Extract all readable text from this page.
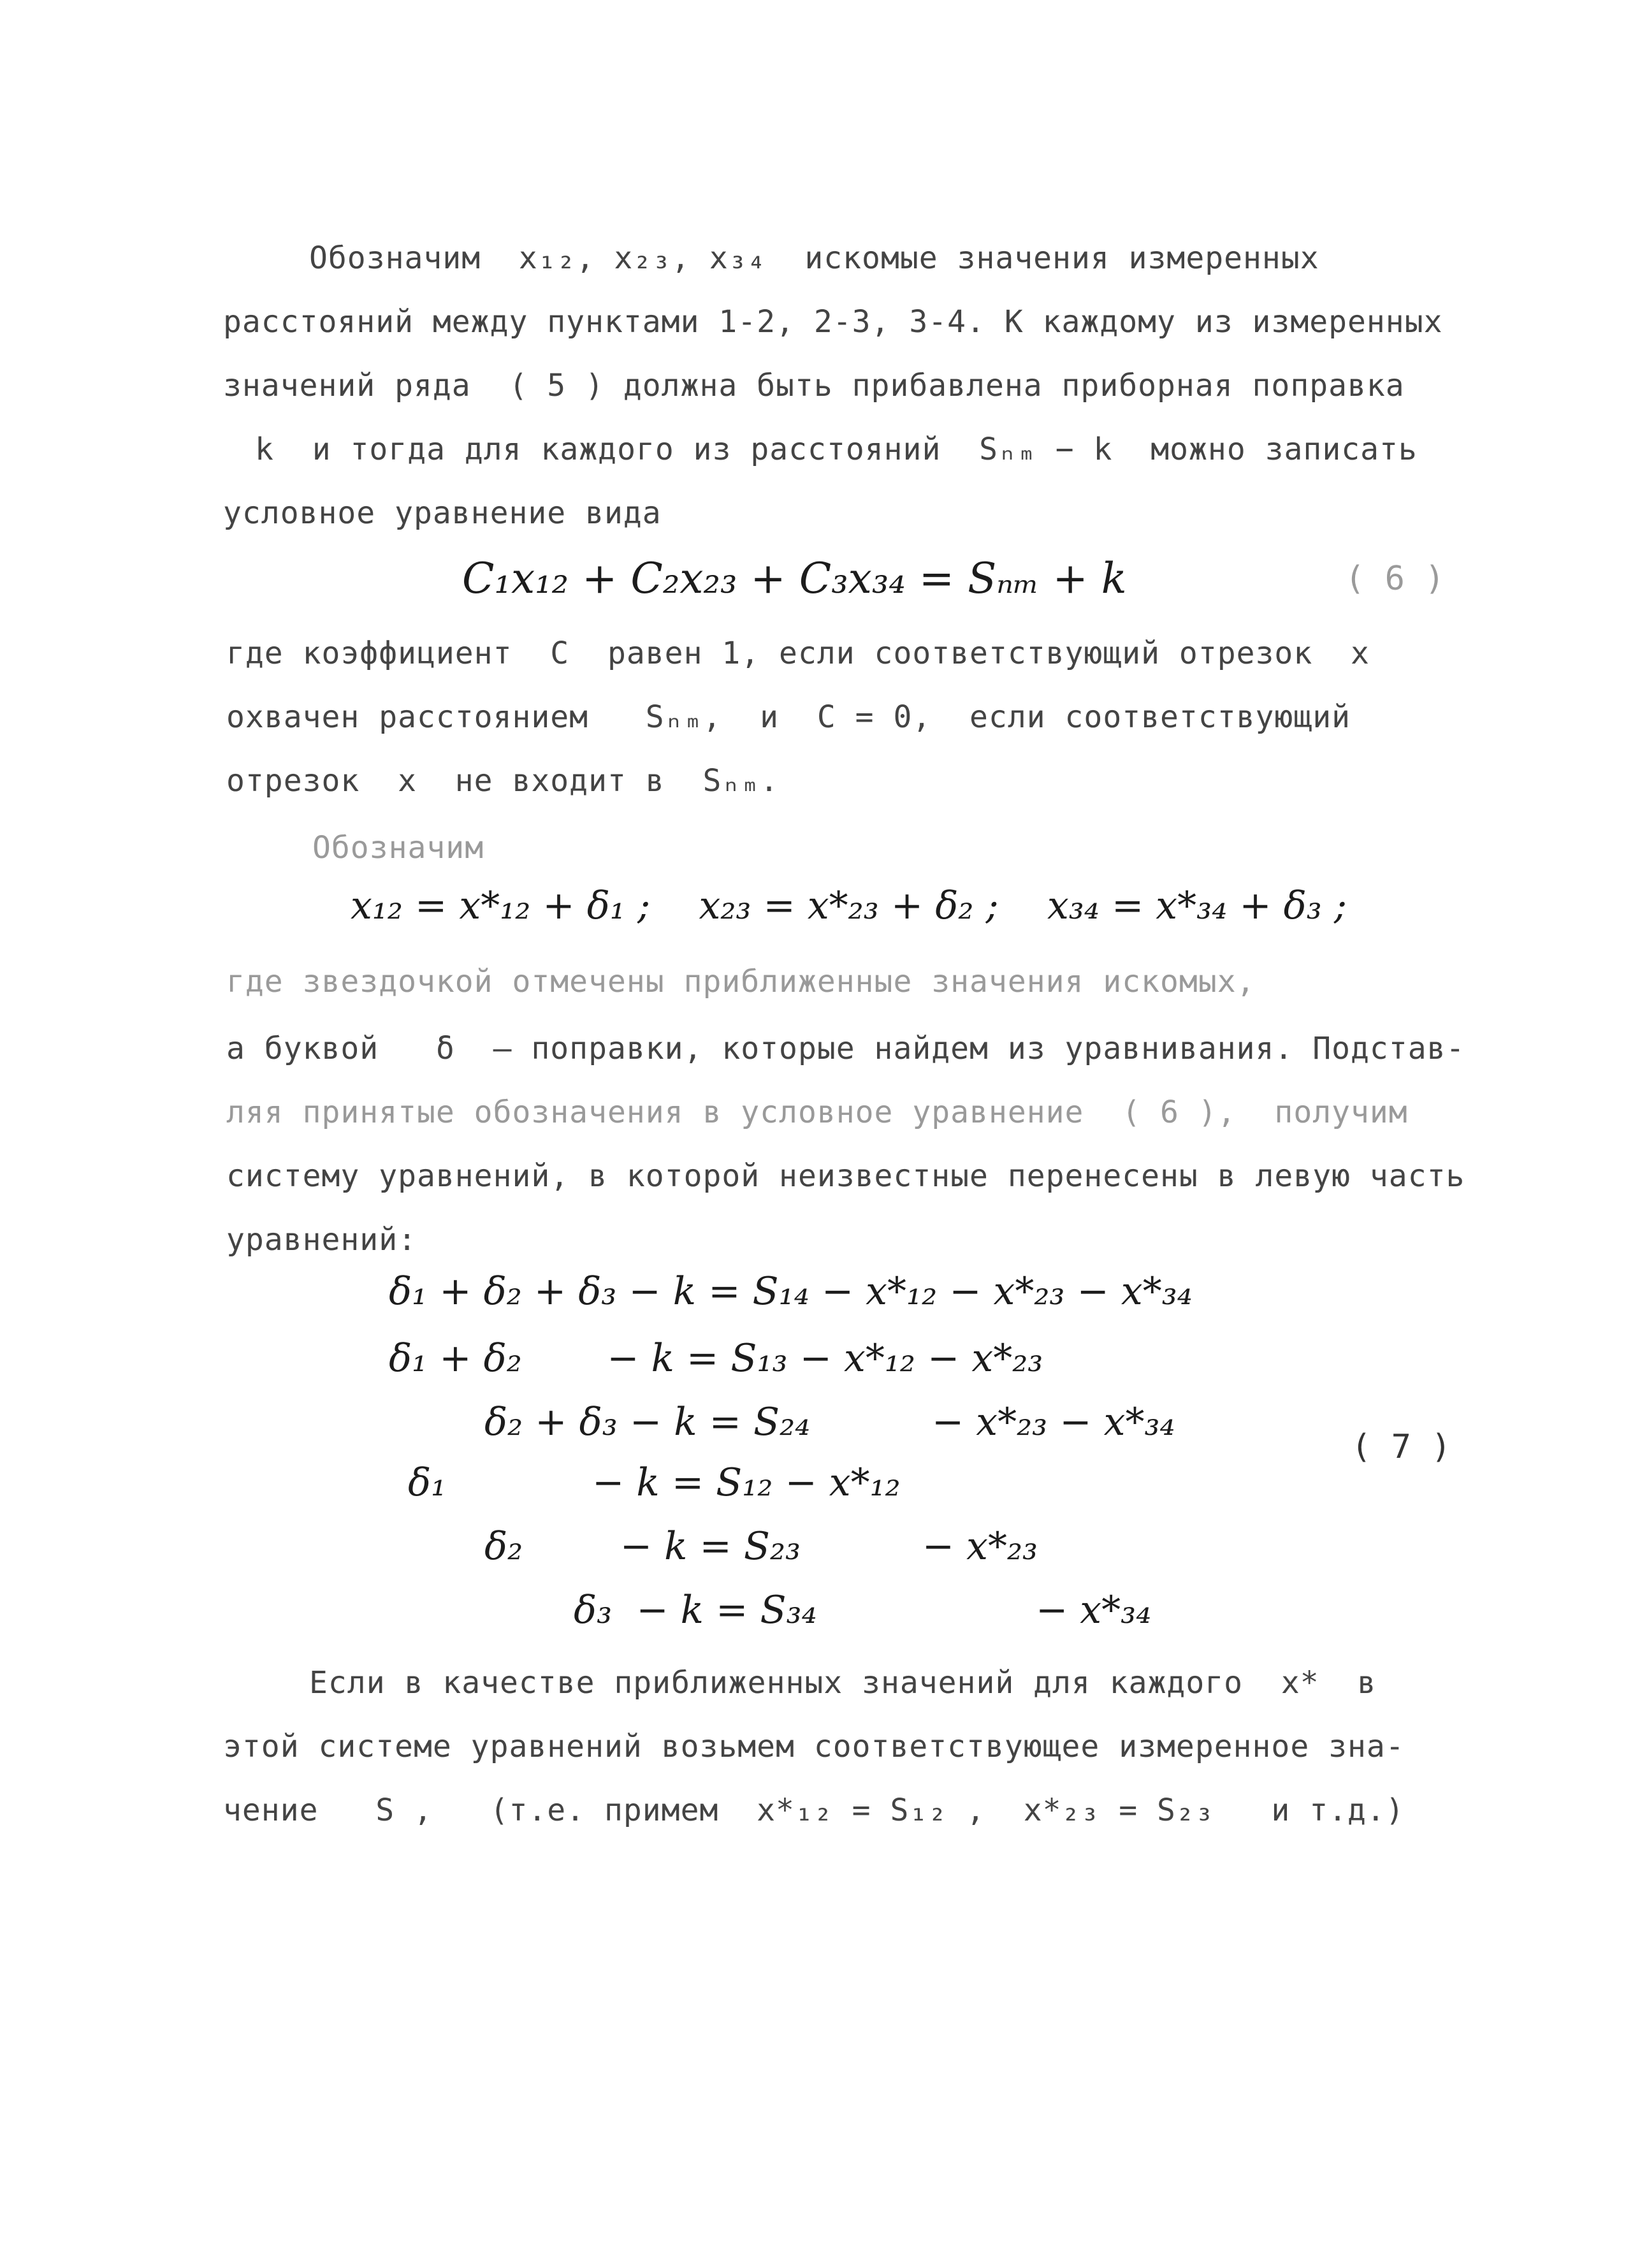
Обозначим  x₁₂, x₂₃, x₃₄  искомые значения измеренных
расстояний между пунктами 1-2, 2-3, 3-4. К каждому из измеренных
значений ряда  ( 5 ) должна быть прибавлена приборная поправка
k  и тогда для каждого из расстояний  Sₙₘ − k  можно записать
условное уравнение вида
C₁x₁₂ + C₂x₂₃ + C₃x₃₄ = Sₙₘ + k	( 6 )
где коэффициент  C  равен 1, если соответствующий отрезок  x
охвачен расстоянием   Sₙₘ,  и  C = 0,  если соответствующий
отрезок  x  не входит в  Sₙₘ.
Обозначим
x₁₂ = x*₁₂ + δ₁ ;    x₂₃ = x*₂₃ + δ₂ ;    x₃₄ = x*₃₄ + δ₃ ;
где звездочкой отмечены приближенные значения искомых,
а буквой   δ  – поправки, которые найдем из уравнивания. Подстав-
ляя принятые обозначения в условное уравнение  ( 6 ),  получим
систему уравнений, в которой неизвестные перенесены в левую часть
уравнений:
δ₁ + δ₂ + δ₃ − k = S₁₄ − x*₁₂ − x*₂₃ − x*₃₄
δ₁ + δ₂       − k = S₁₃ − x*₁₂ − x*₂₃
δ₂ + δ₃ − k = S₂₄          − x*₂₃ − x*₃₄
δ₁            − k = S₁₂ − x*₁₂
δ₂        − k = S₂₃          − x*₂₃
δ₃  − k = S₃₄                  − x*₃₄
( 7 )
Если в качестве приближенных значений для каждого  x*  в
этой системе уравнений возьмем соответствующее измеренное зна-
чение   S ,   (т.е. примем  x*₁₂ = S₁₂ ,  x*₂₃ = S₂₃   и т.д.)
